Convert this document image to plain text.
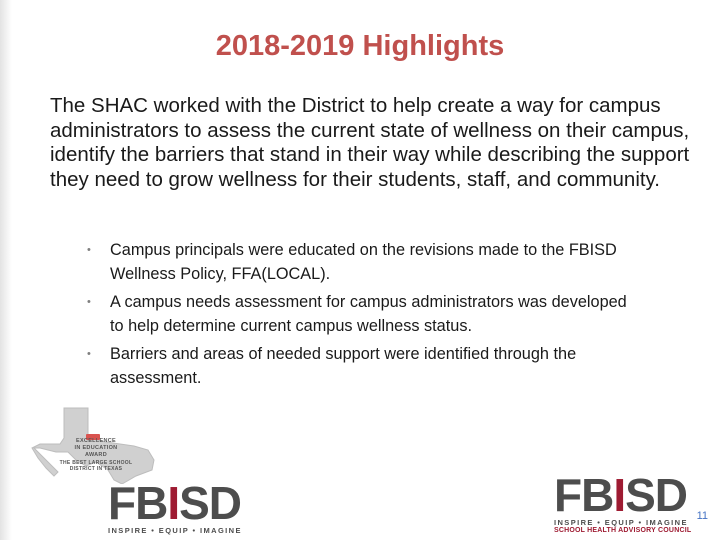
2018-2019 Highlights
The SHAC worked with the District to help create a way for campus administrators to assess the current state of wellness on their campus, identify the barriers that stand in their way while describing the support they need to grow wellness for their students, staff, and community.
• Campus principals were educated on the revisions made to the FBISD
Wellness Policy, FFA(LOCAL).
• A campus needs assessment for campus administrators was developed
to help determine current campus wellness status.
• Barriers and areas of needed support were identified through the
assessment.
EXCELLENCE
IN EDUCATION
AWARD
THE BEST LARGE SCHOOL
DISTRICT IN TEXAS
FBISD
INSPIRE • EQUIP • IMAGINE
FBISD
INSPIRE • EQUIP • IMAGINE
SCHOOL HEALTH ADVISORY COUNCIL
11
